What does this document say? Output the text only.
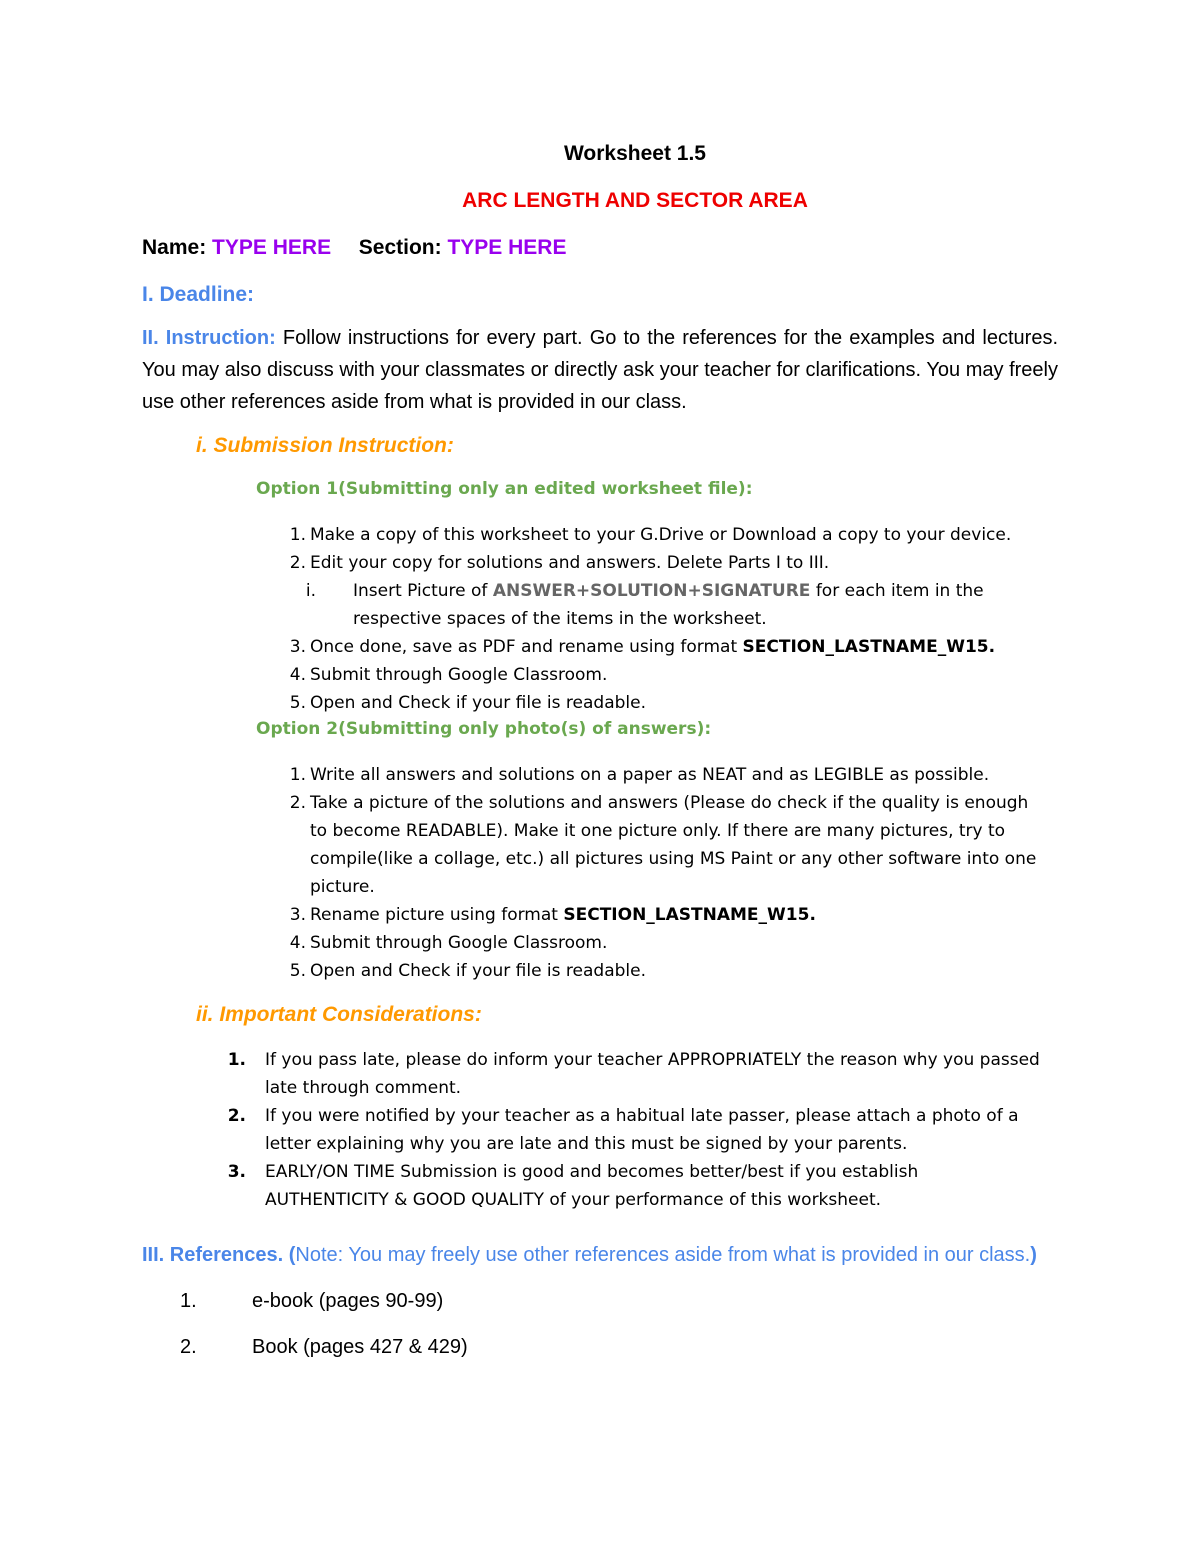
Worksheet 1.5
ARC LENGTH AND SECTOR AREA
Name: TYPE HERE Section: TYPE HERE
I. Deadline:
II. Instruction: Follow instructions for every part. Go to the references for the examples and lectures. You may also discuss with your classmates or directly ask your teacher for clarifications. You may freely use other references aside from what is provided in our class.
i. Submission Instruction:
Option 1(Submitting only an edited worksheet file):
1. Make a copy of this worksheet to your G.Drive or Download a copy to your device.
2. Edit your copy for solutions and answers. Delete Parts I to III.
i. Insert Picture of ANSWER+SOLUTION+SIGNATURE for each item in the
respective spaces of the items in the worksheet.
3. Once done, save as PDF and rename using format SECTION_LASTNAME_W15.
4. Submit through Google Classroom.
5. Open and Check if your file is readable.
Option 2(Submitting only photo(s) of answers):
1. Write all answers and solutions on a paper as NEAT and as LEGIBLE as possible.
2. Take a picture of the solutions and answers (Please do check if the quality is enough
to become READABLE). Make it one picture only. If there are many pictures, try to
compile(like a collage, etc.) all pictures using MS Paint or any other software into one
picture.
3. Rename picture using format SECTION_LASTNAME_W15.
4. Submit through Google Classroom.
5. Open and Check if your file is readable.
ii. Important Considerations:
1. If you pass late, please do inform your teacher APPROPRIATELY the reason why you passed
late through comment.
2. If you were notified by your teacher as a habitual late passer, please attach a photo of a
letter explaining why you are late and this must be signed by your parents.
3. EARLY/ON TIME Submission is good and becomes better/best if you establish
AUTHENTICITY & GOOD QUALITY of your performance of this worksheet.
III. References. (Note: You may freely use other references aside from what is provided in our class.)
1.	e-book (pages 90-99)
2.	Book (pages 427 & 429)
